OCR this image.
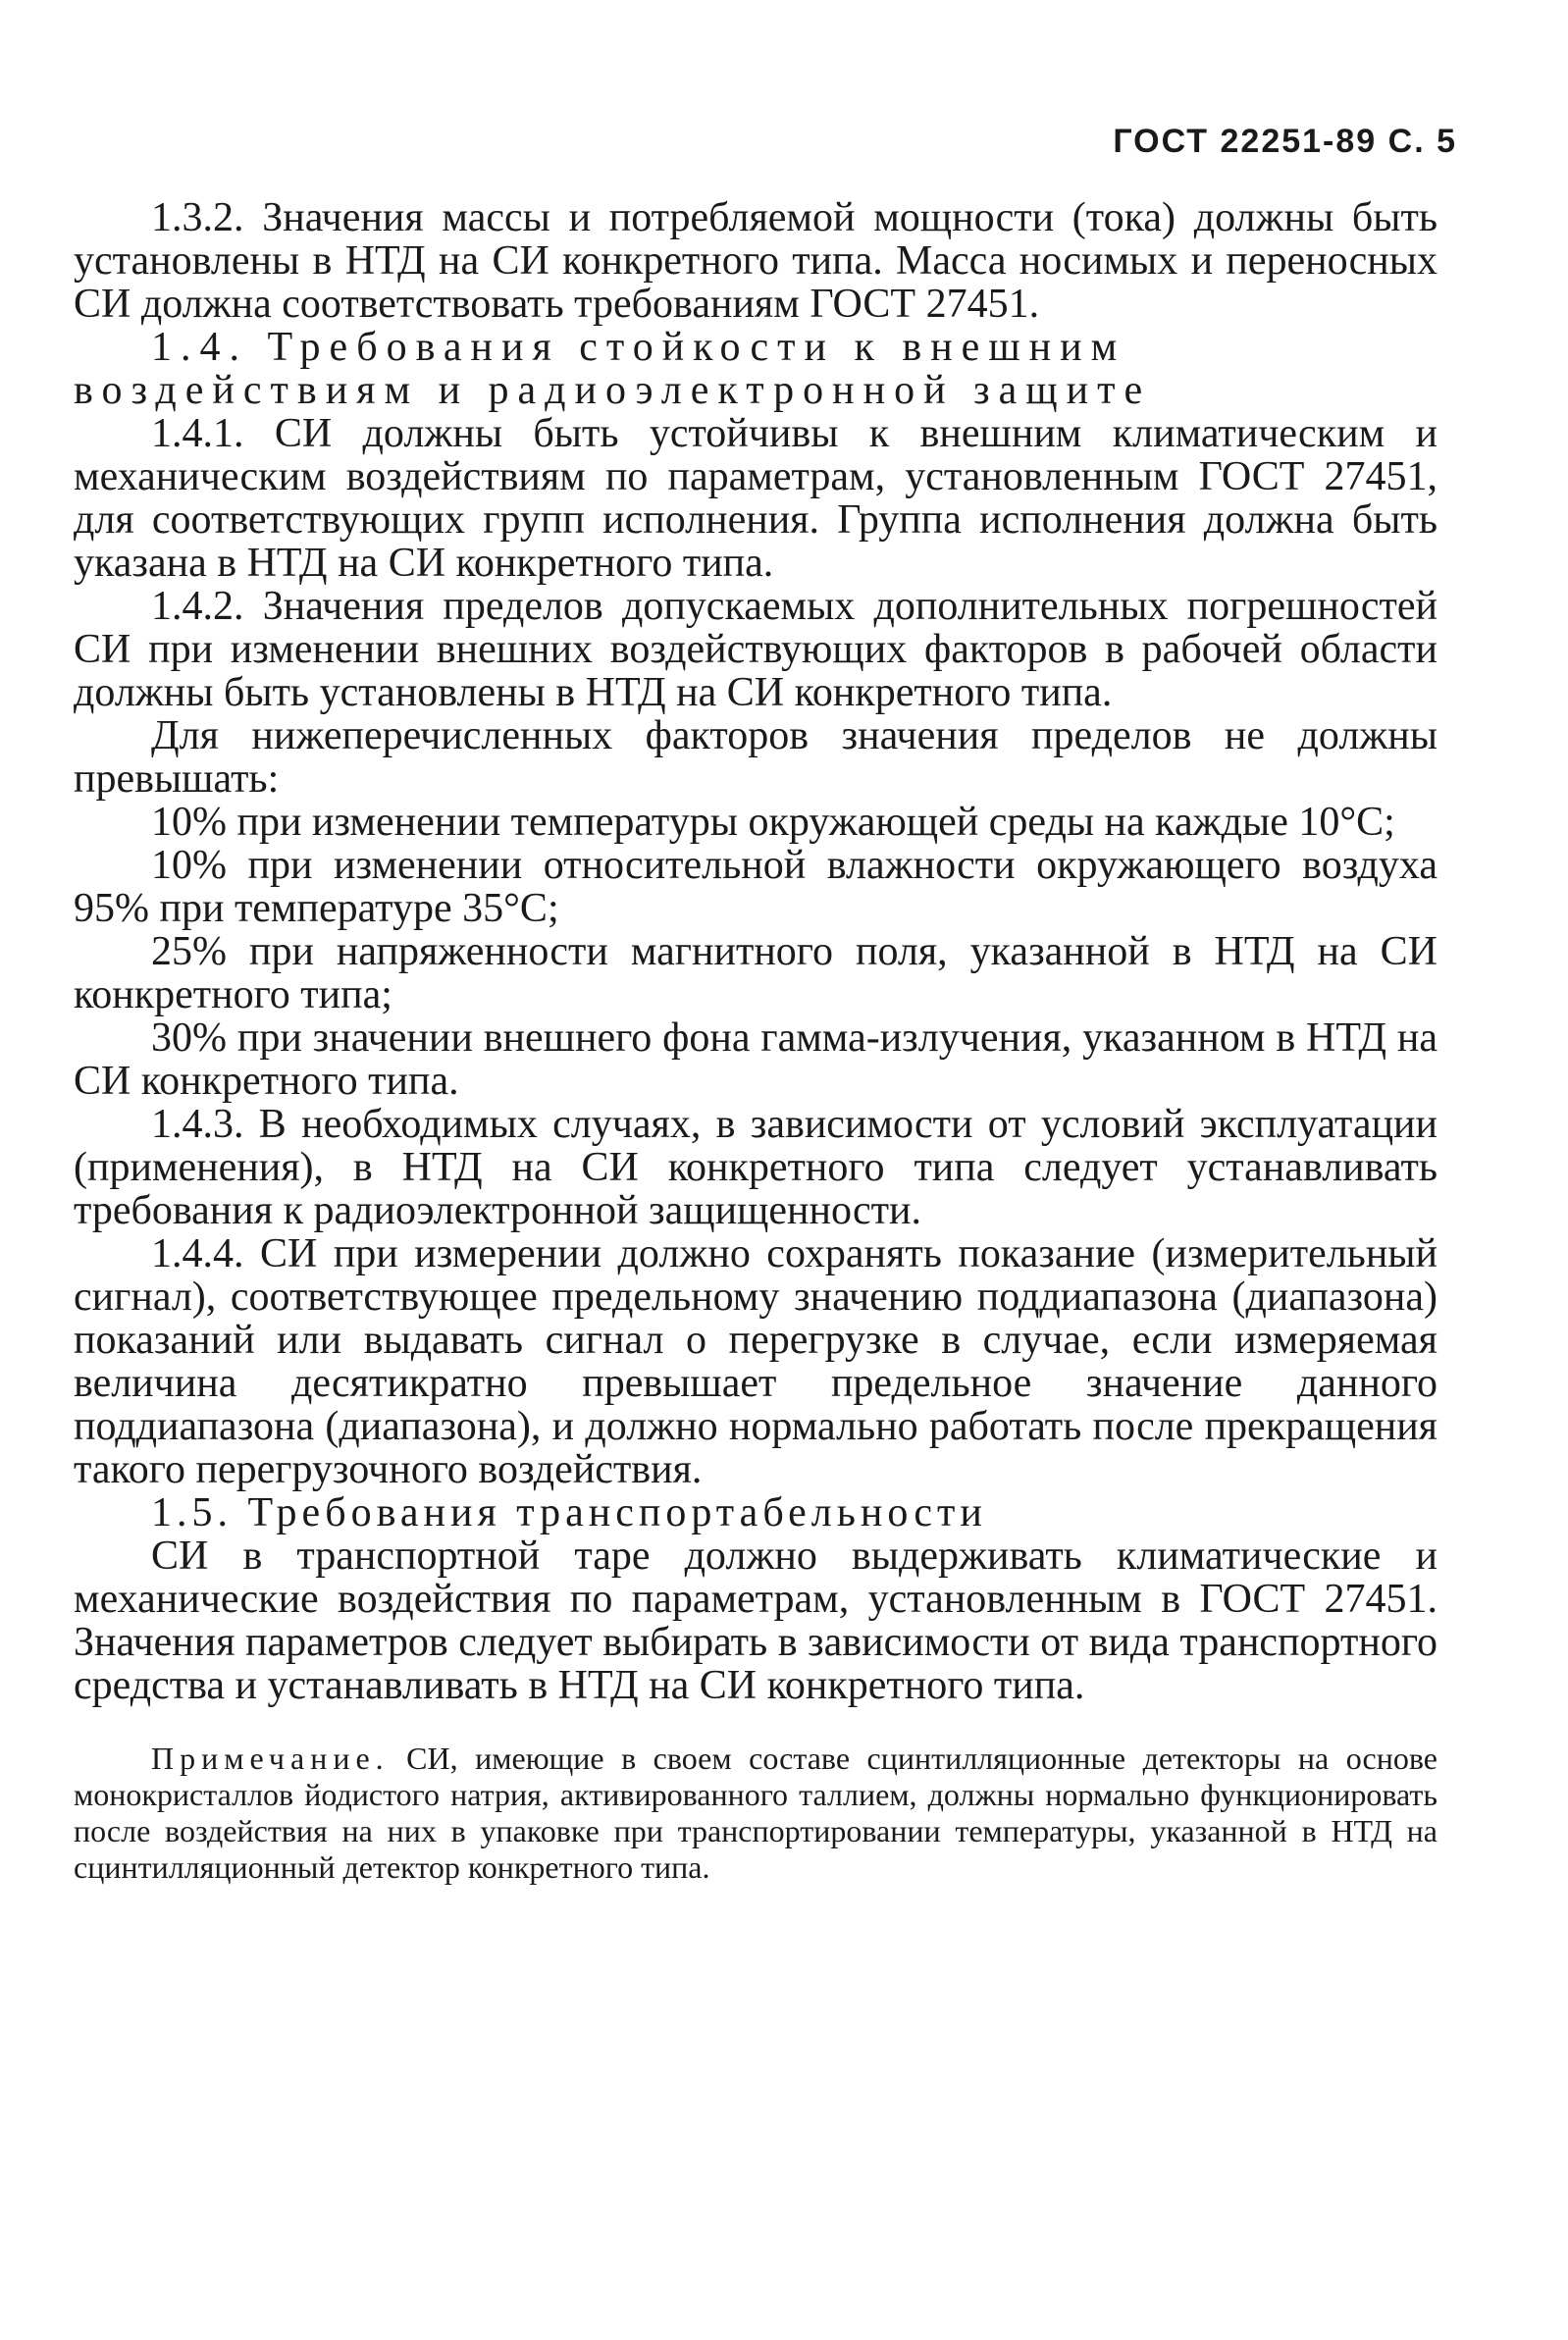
ГОСТ 22251-89 С. 5

1.3.2. Значения массы и потребляемой мощности (тока) должны быть установлены в НТД на СИ конкретного типа. Масса носимых и переносных СИ должна соответствовать требованиям ГОСТ 27451.

1.4. Требования стойкости к внешним воздействиям и радиоэлектронной защите

1.4.1. СИ должны быть устойчивы к внешним климатическим и механическим воздействиям по параметрам, установленным ГОСТ 27451, для соответствующих групп исполнения. Группа исполнения должна быть указана в НТД на СИ конкретного типа.

1.4.2. Значения пределов допускаемых дополнительных погрешностей СИ при изменении внешних воздействующих факторов в рабочей области должны быть установлены в НТД на СИ конкретного типа.

Для нижеперечисленных факторов значения пределов не должны превышать:

10% при изменении температуры окружающей среды на каждые 10°С;

10% при изменении относительной влажности окружающего воздуха 95% при температуре 35°С;

25% при напряженности магнитного поля, указанной в НТД на СИ конкретного типа;

30% при значении внешнего фона гамма-излучения, указанном в НТД на СИ конкретного типа.

1.4.3. В необходимых случаях, в зависимости от условий эксплуатации (применения), в НТД на СИ конкретного типа следует устанавливать требования к радиоэлектронной защищенности.

1.4.4. СИ при измерении должно сохранять показание (измерительный сигнал), соответствующее предельному значению поддиапазона (диапазона) показаний или выдавать сигнал о перегрузке в случае, если измеряемая величина десятикратно превышает предельное значение данного поддиапазона (диапазона), и должно нормально работать после прекращения такого перегрузочного воздействия.

1.5. Требования транспортабельности

СИ в транспортной таре должно выдерживать климатические и механические воздействия по параметрам, установленным в ГОСТ 27451. Значения параметров следует выбирать в зависимости от вида транспортного средства и устанавливать в НТД на СИ конкретного типа.

Примечание. СИ, имеющие в своем составе сцинтилляционные детекторы на основе монокристаллов йодистого натрия, активированного таллием, должны нормально функционировать после воздействия на них в упаковке при транспортировании температуры, указанной в НТД на сцинтилляционный детектор конкретного типа.
